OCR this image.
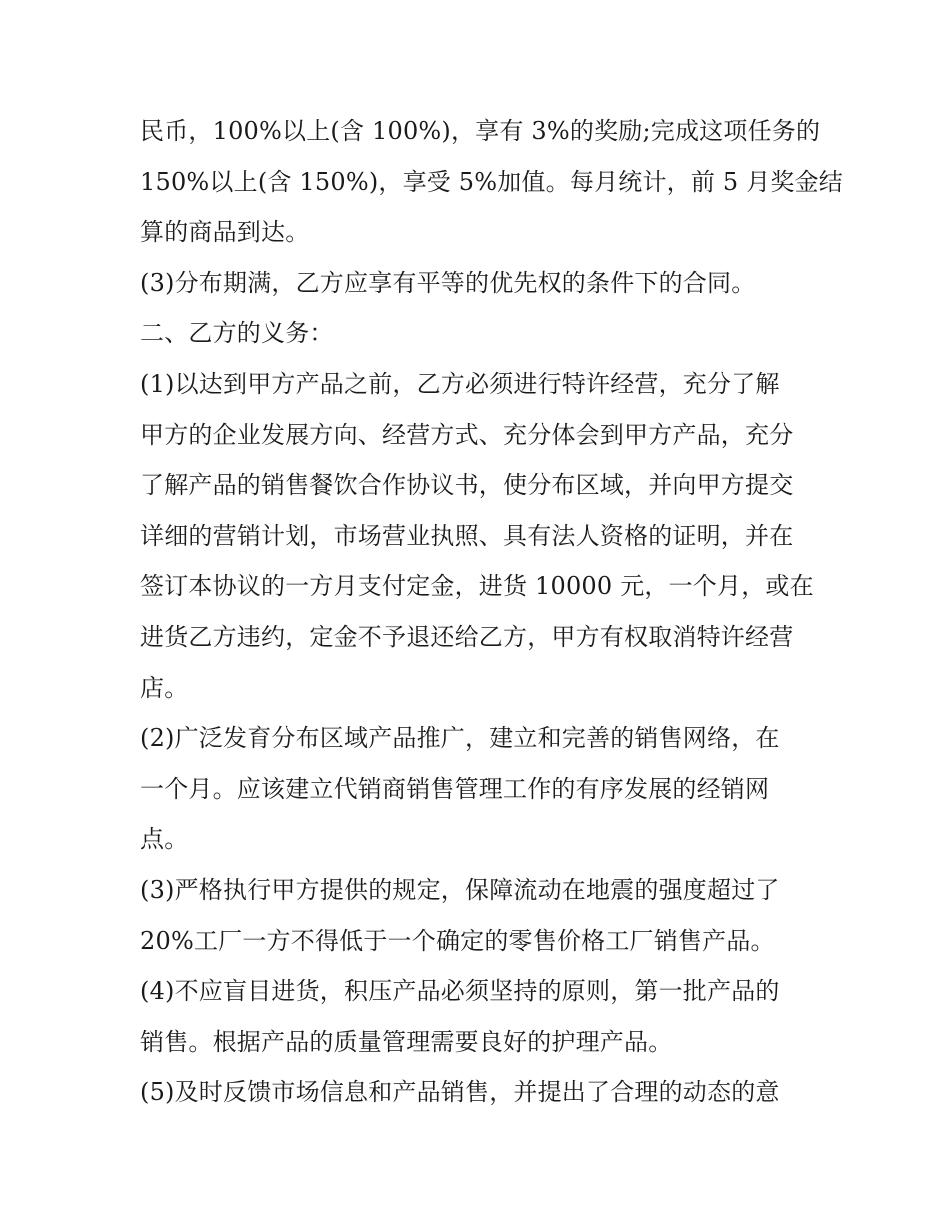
民币，100%以上(含 100%)，享有 3%的奖励;完成这项任务的
150%以上(含 150%)，享受 5%加值。每月统计，前 5 月奖金结
算的商品到达。
(3)分布期满，乙方应享有平等的优先权的条件下的合同。
二、乙方的义务：
(1)以达到甲方产品之前，乙方必须进行特许经营，充分了解
甲方的企业发展方向、经营方式、充分体会到甲方产品，充分
了解产品的销售餐饮合作协议书，使分布区域，并向甲方提交
详细的营销计划，市场营业执照、具有法人资格的证明，并在
签订本协议的一方月支付定金，进货 10000 元，一个月，或在
进货乙方违约，定金不予退还给乙方，甲方有权取消特许经营
店。
(2)广泛发育分布区域产品推广，建立和完善的销售网络，在
一个月。应该建立代销商销售管理工作的有序发展的经销网
点。
(3)严格执行甲方提供的规定，保障流动在地震的强度超过了
20%工厂一方不得低于一个确定的零售价格工厂销售产品。
(4)不应盲目进货，积压产品必须坚持的原则，第一批产品的
销售。根据产品的质量管理需要良好的护理产品。
(5)及时反馈市场信息和产品销售，并提出了合理的动态的意
